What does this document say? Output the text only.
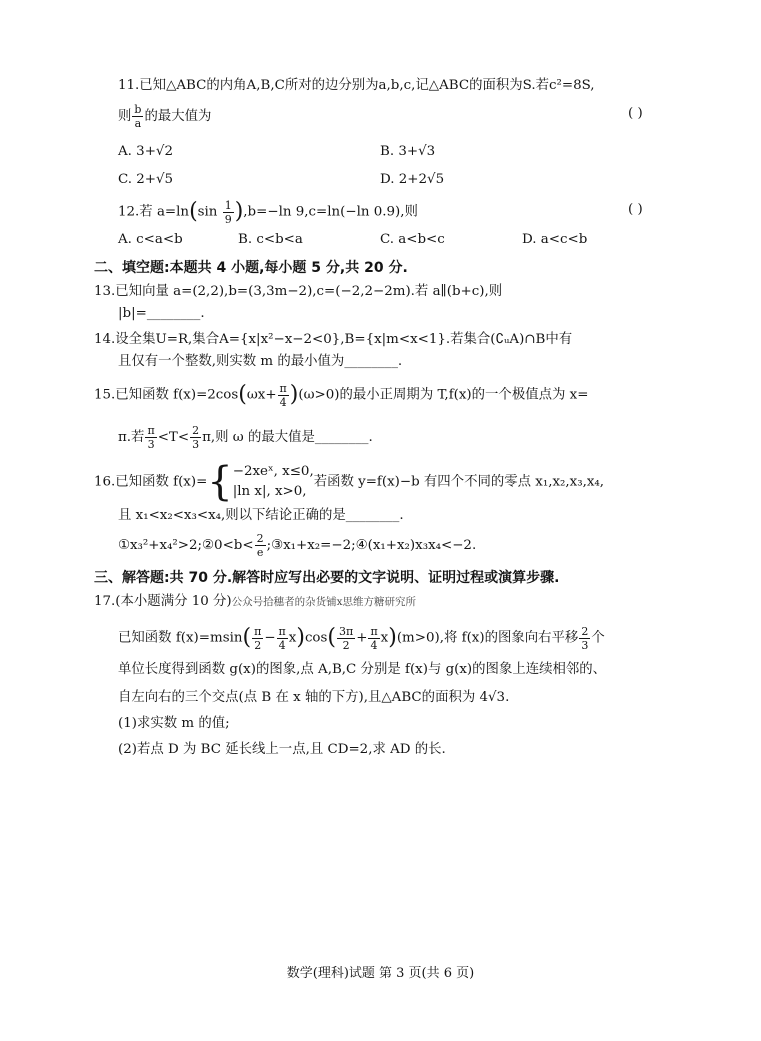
11.已知△ABC的内角A,B,C所对的边分别为a,b,c,记△ABC的面积为S.若c²=8S,
则 $\frac{b}{a}$ 的最大值为	( )
A. 3+√2	B. 3+√3
C. 2+√5	D. 2+2√5
12.若 $a=\ln(\sin \frac{1}{9} ),b=-\ln$ 9,c=ln(−ln 0.9),则	( )
A. c<a<b	B. c<b<a	C. a<b<c	D. a<c<b
二、填空题:本题共 4 小题,每小题 5 分,共 20 分.
13.已知向量 a=(2,2),b=(3,3m−2),c=(−2,2−2m).若 a∥(b+c),则
|b|=________.
14.设全集U=R,集合A={x|x²−x−2<0},B={x|m<x<1}.若集合(∁ᵤA)∩B中有
且仅有一个整数,则实数 m 的最小值为________.
15.已知函数 $f(x)=2\cos(\omega x+ \frac{\pi}{4} )(\omega>0)$的最小正周期为 T,f(x)的一个极值点为 x=
π.若 $\frac{\pi}{3} <T< \frac{2}{3} \pi$,则 ω 的最大值是________.
16.已知函数 f(x)={ −2xeˣ, x≤0,
|ln x|, x>0,
若函数 y=f(x)−b 有四个不同的零点 x₁,x₂,x₃,x₄,
且 x₁<x₂<x₃<x₄,则以下结论正确的是________.
①x₃²+x₄²>2;②0<b< $\frac{2}{e}$ ;③x₁+x₂=−2;④(x₁+x₂)x₃x₄<−2.
三、解答题:共 70 分.解答时应写出必要的文字说明、证明过程或演算步骤.
17.(本小题满分 10 分)公众号拾穗者的杂货铺x思维方糖研究所
已知函数 $f(x)=msin( \frac{\pi}{2} - \frac{\pi}{4} x)\cos( \frac{3\pi}{2} + \frac{\pi}{4} x)(m>0)$,将 f(x)的图象向右平移 $\frac{2}{3}$ 个
单位长度得到函数 g(x)的图象,点 A,B,C 分别是 f(x)与 g(x)的图象上连续相邻的、
自左向右的三个交点(点 B 在 x 轴的下方),且△ABC的面积为 4√3.
(1)求实数 m 的值;
(2)若点 D 为 BC 延长线上一点,且 CD=2,求 AD 的长.
数学(理科)试题 第 3 页(共 6 页)
